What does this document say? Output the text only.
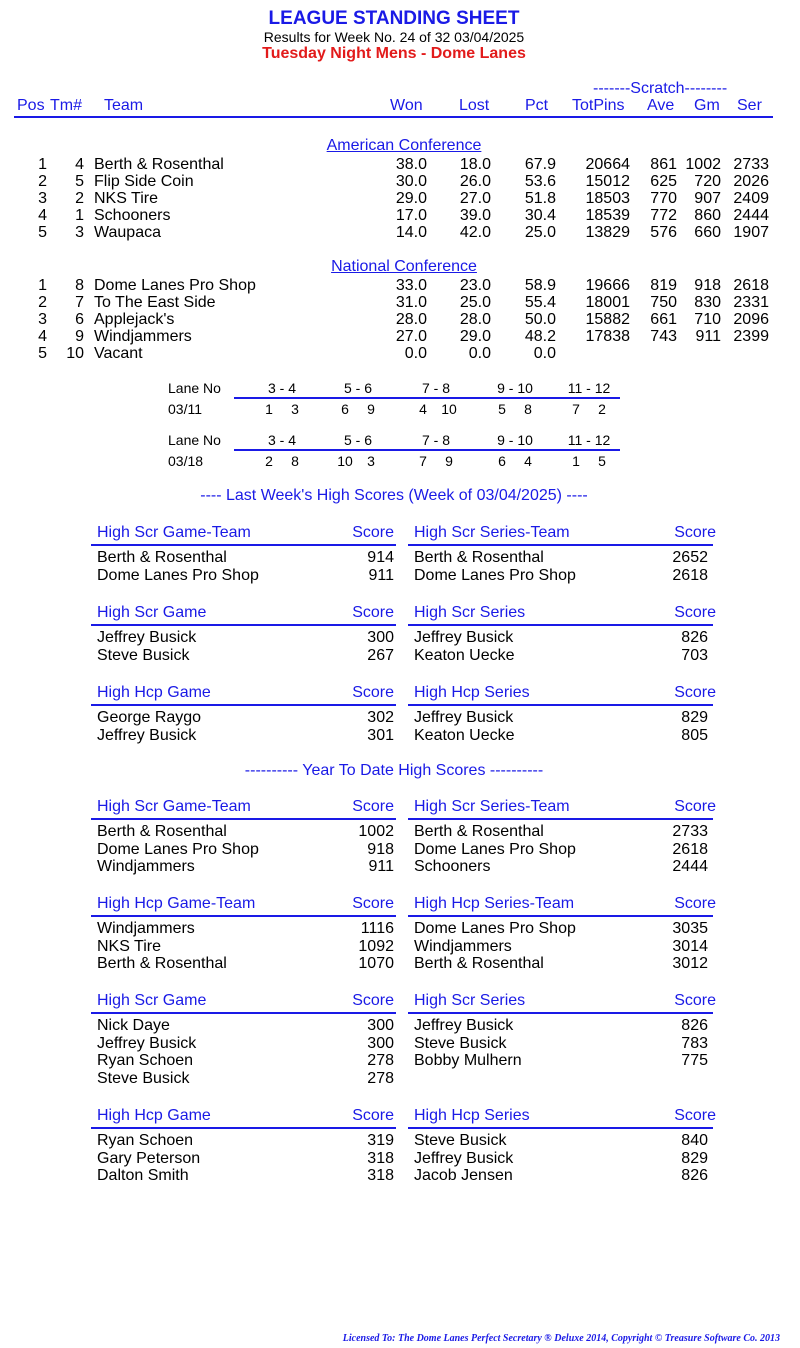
LEAGUE STANDING SHEET
Results for Week No. 24 of 32 03/04/2025
Tuesday Night Mens - Dome Lanes
-------Scratch--------
Pos Tm# Team	Won Lost Pct TotPins Ave Gm Ser
American Conference
1 4 Berth & Rosenthal	38.0 18.0 67.9 20664 861 1002 2733
2 5 Flip Side Coin	30.0 26.0 53.6 15012 625 720 2026
3 2 NKS Tire	29.0 27.0 51.8 18503 770 907 2409
4 1 Schooners	17.0 39.0 30.4 18539 772 860 2444
5 3 Waupaca	14.0 42.0 25.0 13829 576 660 1907
National Conference
1 8 Dome Lanes Pro Shop	33.0 23.0 58.9 19666 819 918 2618
2 7 To The East Side	31.0 25.0 55.4 18001 750 830 2331
3 6 Applejack's	28.0 28.0 50.0 15882 661 710 2096
4 9 Windjammers	27.0 29.0 48.2 17838 743 911 2399
5 10 Vacant	0.0	0.0	0.0
Lane No	3 - 4	5 - 6	7 - 8	9 - 10 11 - 12
03/11	1	3	6	9	4	10	5	8	7	2
Lane No	3 - 4	5 - 6	7 - 8	9 - 10 11 - 12
03/18	2	8	10	3	7	9	6	4	1	5
---- Last Week's High Scores (Week of 03/04/2025) ----
High Scr Game-Team	Score
Berth & Rosenthal	914
Dome Lanes Pro Shop	911
High Scr Series-Team	Score
Berth & Rosenthal	2652
Dome Lanes Pro Shop	2618
High Scr Game	Score
Jeffrey Busick	300
Steve Busick	267
High Scr Series	Score
Jeffrey Busick	826
Keaton Uecke	703
High Hcp Game	Score
George Raygo	302
Jeffrey Busick	301
High Hcp Series	Score
Jeffrey Busick	829
Keaton Uecke	805
---------- Year To Date High Scores ----------
High Scr Game-Team	Score
Berth & Rosenthal	1002
Dome Lanes Pro Shop	918
Windjammers	911
High Scr Series-Team	Score
Berth & Rosenthal	2733
Dome Lanes Pro Shop	2618
Schooners	2444
High Hcp Game-Team	Score
Windjammers	1116
NKS Tire	1092
Berth & Rosenthal	1070
High Hcp Series-Team	Score
Dome Lanes Pro Shop	3035
Windjammers	3014
Berth & Rosenthal	3012
High Scr Game	Score
Nick Daye	300
Jeffrey Busick	300
Ryan Schoen	278
Steve Busick	278
High Scr Series	Score
Jeffrey Busick	826
Steve Busick	783
Bobby Mulhern	775
High Hcp Game	Score
Ryan Schoen	319
Gary Peterson	318
Dalton Smith	318
High Hcp Series	Score
Steve Busick	840
Jeffrey Busick	829
Jacob Jensen	826
Licensed To: The Dome Lanes Perfect Secretary ® Deluxe 2014, Copyright © Treasure Software Co. 2013
